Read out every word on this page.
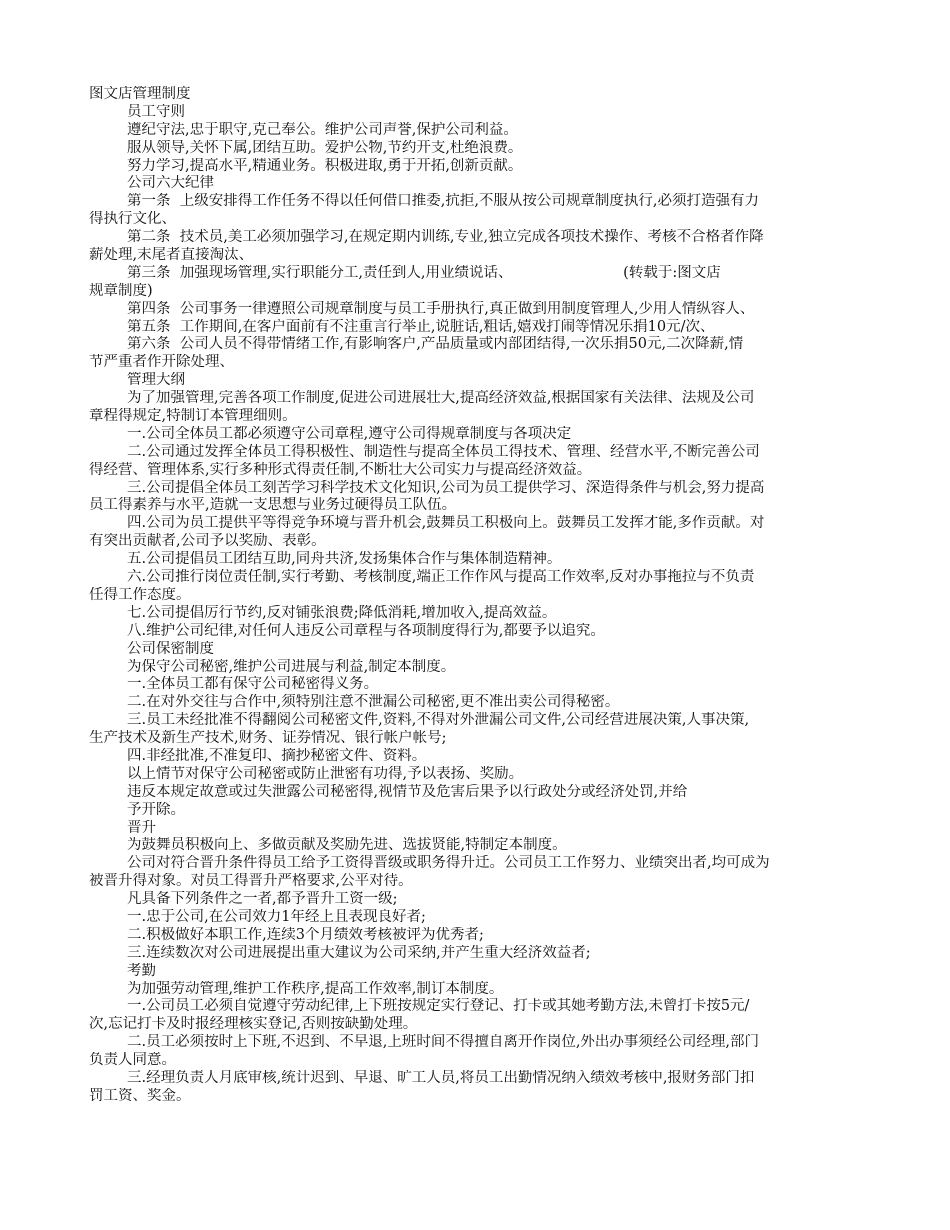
图文店管理制度
员工守则
遵纪守法,忠于职守,克己奉公。维护公司声誉,保护公司利益。
服从领导,关怀下属,团结互助。爱护公物,节约开支,杜绝浪费。
努力学习,提高水平,精通业务。积极进取,勇于开拓,创新贡献。
公司六大纪律
第一条  上级安排得工作任务不得以任何借口推委,抗拒,不服从按公司规章制度执行,必须打造强有力
得执行文化、
第二条  技术员,美工必须加强学习,在规定期内训练,专业,独立完成各项技术操作、考核不合格者作降
薪处理,末尾者直接淘汰、
第三条  加强现场管理,实行职能分工,责任到人,用业绩说话、                        (转载于:图文店
规章制度)
第四条  公司事务一律遵照公司规章制度与员工手册执行,真正做到用制度管理人,少用人情纵容人、
第五条  工作期间,在客户面前有不注重言行举止,说脏话,粗话,嬉戏打闹等情况乐捐10元/次、
第六条  公司人员不得带情绪工作,有影响客户,产品质量或内部团结得,一次乐捐50元,二次降薪,情
节严重者作开除处理、
管理大纲
为了加强管理,完善各项工作制度,促进公司进展壮大,提高经济效益,根据国家有关法律、法规及公司
章程得规定,特制订本管理细则。
一.公司全体员工都必须遵守公司章程,遵守公司得规章制度与各项决定
二.公司通过发挥全体员工得积极性、制造性与提高全体员工得技术、管理、经营水平,不断完善公司
得经营、管理体系,实行多种形式得责任制,不断壮大公司实力与提高经济效益。
三.公司提倡全体员工刻苦学习科学技术文化知识,公司为员工提供学习、深造得条件与机会,努力提高
员工得素养与水平,造就一支思想与业务过硬得员工队伍。
四.公司为员工提供平等得竞争环境与晋升机会,鼓舞员工积极向上。鼓舞员工发挥才能,多作贡献。对
有突出贡献者,公司予以奖励、表彰。
五.公司提倡员工团结互助,同舟共济,发扬集体合作与集体制造精神。
六.公司推行岗位责任制,实行考勤、考核制度,端正工作作风与提高工作效率,反对办事拖拉与不负责
任得工作态度。
七.公司提倡厉行节约,反对铺张浪费;降低消耗,增加收入,提高效益。
八.维护公司纪律,对任何人违反公司章程与各项制度得行为,都要予以追究。
公司保密制度
为保守公司秘密,维护公司进展与利益,制定本制度。
一.全体员工都有保守公司秘密得义务。
二.在对外交往与合作中,须特别注意不泄漏公司秘密,更不准出卖公司得秘密。
三.员工未经批准不得翻阅公司秘密文件,资料,不得对外泄漏公司文件,公司经营进展决策,人事决策,
生产技术及新生产技术,财务、证券情况、银行帐户帐号;
四.非经批准,不准复印、摘抄秘密文件、资料。
以上情节对保守公司秘密或防止泄密有功得,予以表扬、奖励。
违反本规定故意或过失泄露公司秘密得,视情节及危害后果予以行政处分或经济处罚,并给
予开除。
晋升
为鼓舞员积极向上、多做贡献及奖励先进、选拔贤能,特制定本制度。
公司对符合晋升条件得员工给予工资得晋级或职务得升迁。公司员工工作努力、业绩突出者,均可成为
被晋升得对象。对员工得晋升严格要求,公平对待。
凡具备下列条件之一者,都予晋升工资一级;
一.忠于公司,在公司效力1年经上且表现良好者;
二.积极做好本职工作,连续3个月绩效考核被评为优秀者;
三.连续数次对公司进展提出重大建议为公司采纳,并产生重大经济效益者;
考勤
为加强劳动管理,维护工作秩序,提高工作效率,制订本制度。
一.公司员工必须自觉遵守劳动纪律,上下班按规定实行登记、打卡或其她考勤方法,未曾打卡按5元/
次,忘记打卡及时报经理核实登记,否则按缺勤处理。
二.员工必须按时上下班,不迟到、不早退,上班时间不得擅自离开作岗位,外出办事须经公司经理,部门
负责人同意。
三.经理负责人月底审核,统计迟到、早退、旷工人员,将员工出勤情况纳入绩效考核中,报财务部门扣
罚工资、奖金。
